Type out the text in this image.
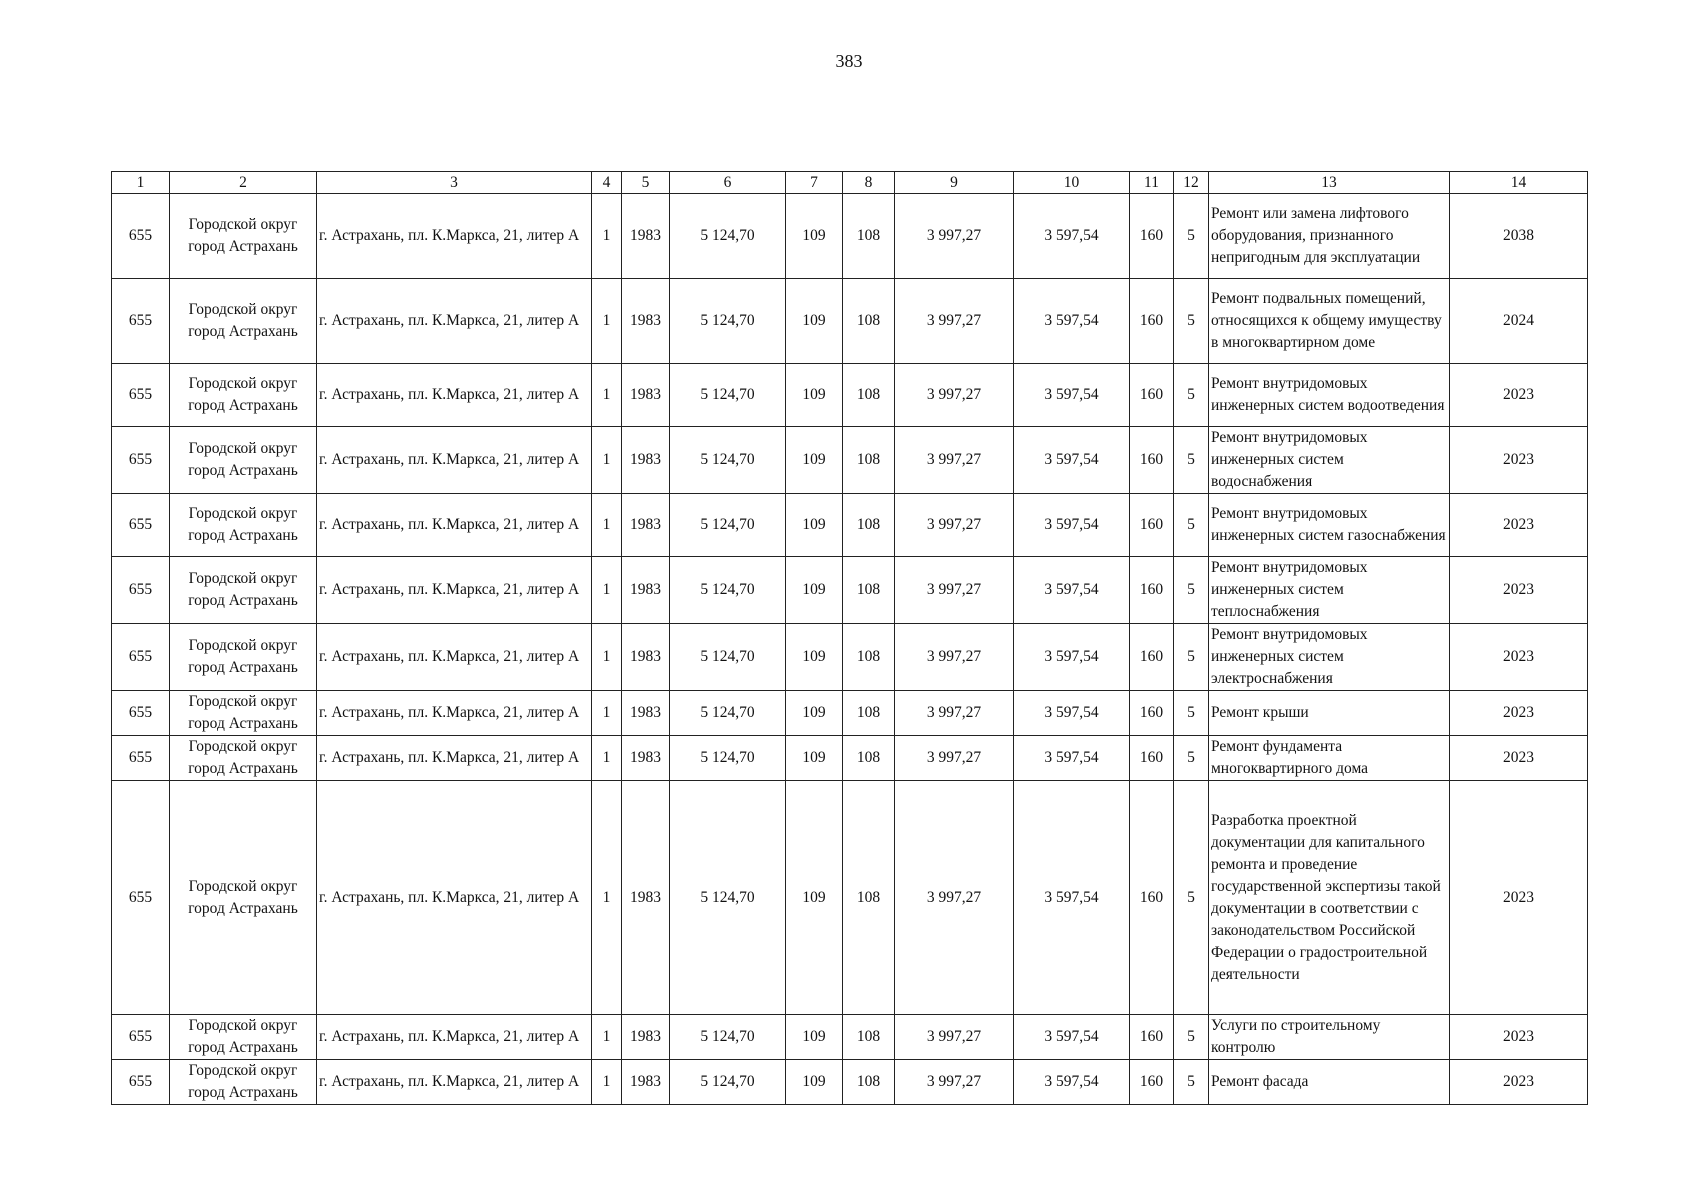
383
1	2	3	4	5	6	7	8	9	10	11	12	13	14
655	Городской округ город Астрахань	г. Астрахань, пл. К.Маркса, 21, литер А	1	1983	5 124,70	109	108	3 997,27	3 597,54	160	5	Ремонт или замена лифтового оборудования, признанного непригодным для эксплуатации	2038
655	Городской округ город Астрахань	г. Астрахань, пл. К.Маркса, 21, литер А	1	1983	5 124,70	109	108	3 997,27	3 597,54	160	5	Ремонт подвальных помещений, относящихся к общему имуществу в многоквартирном доме	2024
655	Городской округ город Астрахань	г. Астрахань, пл. К.Маркса, 21, литер А	1	1983	5 124,70	109	108	3 997,27	3 597,54	160	5	Ремонт внутридомовых инженерных систем водоотведения	2023
655	Городской округ город Астрахань	г. Астрахань, пл. К.Маркса, 21, литер А	1	1983	5 124,70	109	108	3 997,27	3 597,54	160	5	Ремонт внутридомовых инженерных систем водоснабжения	2023
655	Городской округ город Астрахань	г. Астрахань, пл. К.Маркса, 21, литер А	1	1983	5 124,70	109	108	3 997,27	3 597,54	160	5	Ремонт внутридомовых инженерных систем газоснабжения	2023
655	Городской округ город Астрахань	г. Астрахань, пл. К.Маркса, 21, литер А	1	1983	5 124,70	109	108	3 997,27	3 597,54	160	5	Ремонт внутридомовых инженерных систем теплоснабжения	2023
655	Городской округ город Астрахань	г. Астрахань, пл. К.Маркса, 21, литер А	1	1983	5 124,70	109	108	3 997,27	3 597,54	160	5	Ремонт внутридомовых инженерных систем электроснабжения	2023
655	Городской округ город Астрахань	г. Астрахань, пл. К.Маркса, 21, литер А	1	1983	5 124,70	109	108	3 997,27	3 597,54	160	5	Ремонт крыши	2023
655	Городской округ город Астрахань	г. Астрахань, пл. К.Маркса, 21, литер А	1	1983	5 124,70	109	108	3 997,27	3 597,54	160	5	Ремонт фундамента многоквартирного дома	2023
655	Городской округ город Астрахань	г. Астрахань, пл. К.Маркса, 21, литер А	1	1983	5 124,70	109	108	3 997,27	3 597,54	160	5	Разработка проектной документации для капитального ремонта и проведение государственной экспертизы такой документации в соответствии с законодательством Российской Федерации о градостроительной деятельности	2023
655	Городской округ город Астрахань	г. Астрахань, пл. К.Маркса, 21, литер А	1	1983	5 124,70	109	108	3 997,27	3 597,54	160	5	Услуги по строительному контролю	2023
655	Городской округ город Астрахань	г. Астрахань, пл. К.Маркса, 21, литер А	1	1983	5 124,70	109	108	3 997,27	3 597,54	160	5	Ремонт фасада	2023
